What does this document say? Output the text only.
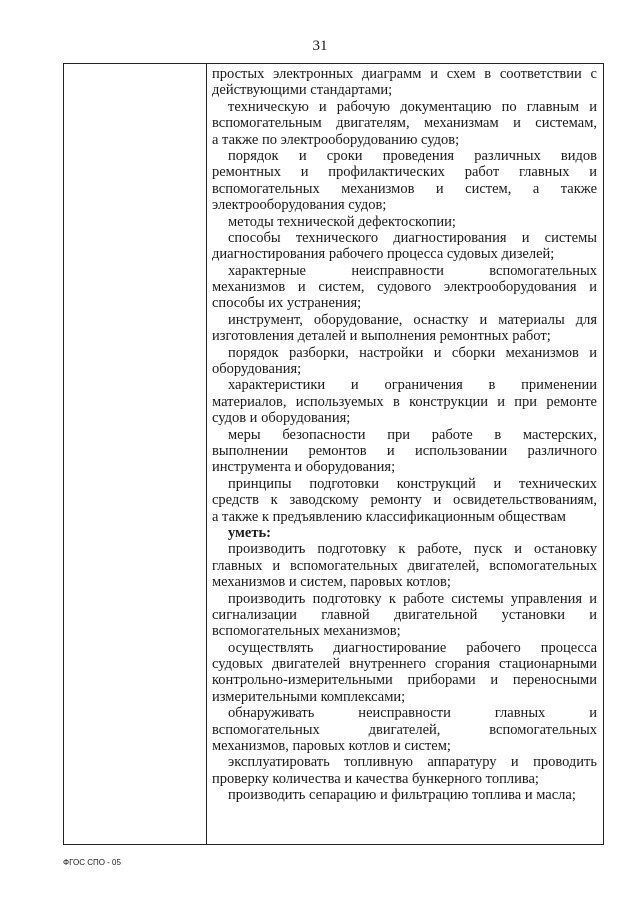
31
простых электронных диаграмм и схем в соответствии с
действующими стандартами;
техническую и рабочую документацию по главным и
вспомогательным двигателям, механизмам и системам,
а также по электрооборудованию судов;
порядок и сроки проведения различных видов
ремонтных и профилактических работ главных и
вспомогательных механизмов и систем, а также
электрооборудования судов;
методы технической дефектоскопии;
способы технического диагностирования и системы
диагностирования рабочего процесса судовых дизелей;
характерные неисправности вспомогательных
механизмов и систем, судового электрооборудования и
способы их устранения;
инструмент, оборудование, оснастку и материалы для
изготовления деталей и выполнения ремонтных работ;
порядок разборки, настройки и сборки механизмов и
оборудования;
характеристики и ограничения в применении
материалов, используемых в конструкции и при ремонте
судов и оборудования;
меры безопасности при работе в мастерских,
выполнении ремонтов и использовании различного
инструмента и оборудования;
принципы подготовки конструкций и технических
средств к заводскому ремонту и освидетельствованиям,
а также к предъявлению классификационным обществам
уметь:
производить подготовку к работе, пуск и остановку
главных и вспомогательных двигателей, вспомогательных
механизмов и систем, паровых котлов;
производить подготовку к работе системы управления и
сигнализации главной двигательной установки и
вспомогательных механизмов;
осуществлять диагностирование рабочего процесса
судовых двигателей внутреннего сгорания стационарными
контрольно-измерительными приборами и переносными
измерительными комплексами;
обнаруживать неисправности главных и
вспомогательных двигателей, вспомогательных
механизмов, паровых котлов и систем;
эксплуатировать топливную аппаратуру и проводить
проверку количества и качества бункерного топлива;
производить сепарацию и фильтрацию топлива и масла;
ФГОС СПО - 05
